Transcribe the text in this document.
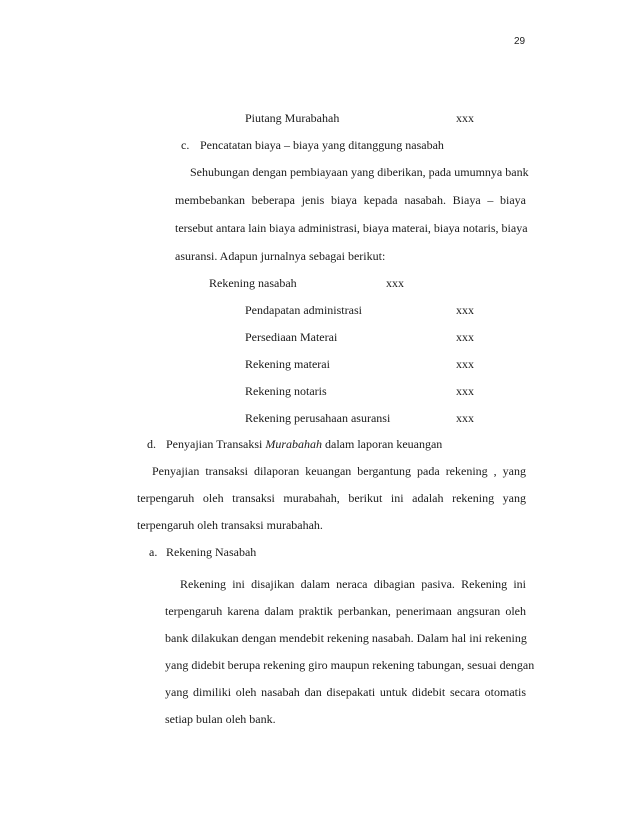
29
Piutang Murabahah	xxx
c. Pencatatan biaya – biaya yang ditanggung nasabah
Sehubungan dengan pembiayaan yang diberikan, pada umumnya bank
membebankan beberapa jenis biaya kepada nasabah. Biaya – biaya
tersebut antara lain biaya administrasi, biaya materai, biaya notaris, biaya
asuransi. Adapun jurnalnya sebagai berikut:
Rekening nasabah	xxx
Pendapatan administrasi	xxx
Persediaan Materai	xxx
Rekening materai	xxx
Rekening notaris	xxx
Rekening perusahaan asuransi	xxx
d. Penyajian Transaksi Murabahah dalam laporan keuangan
Penyajian transaksi dilaporan keuangan bergantung pada rekening , yang
terpengaruh oleh transaksi murabahah, berikut ini adalah rekening yang
terpengaruh oleh transaksi murabahah.
a. Rekening Nasabah
Rekening ini disajikan dalam neraca dibagian pasiva. Rekening ini
terpengaruh karena dalam praktik perbankan, penerimaan angsuran oleh
bank dilakukan dengan mendebit rekening nasabah. Dalam hal ini rekening
yang didebit berupa rekening giro maupun rekening tabungan, sesuai dengan
yang dimiliki oleh nasabah dan disepakati untuk didebit secara otomatis
setiap bulan oleh bank.
